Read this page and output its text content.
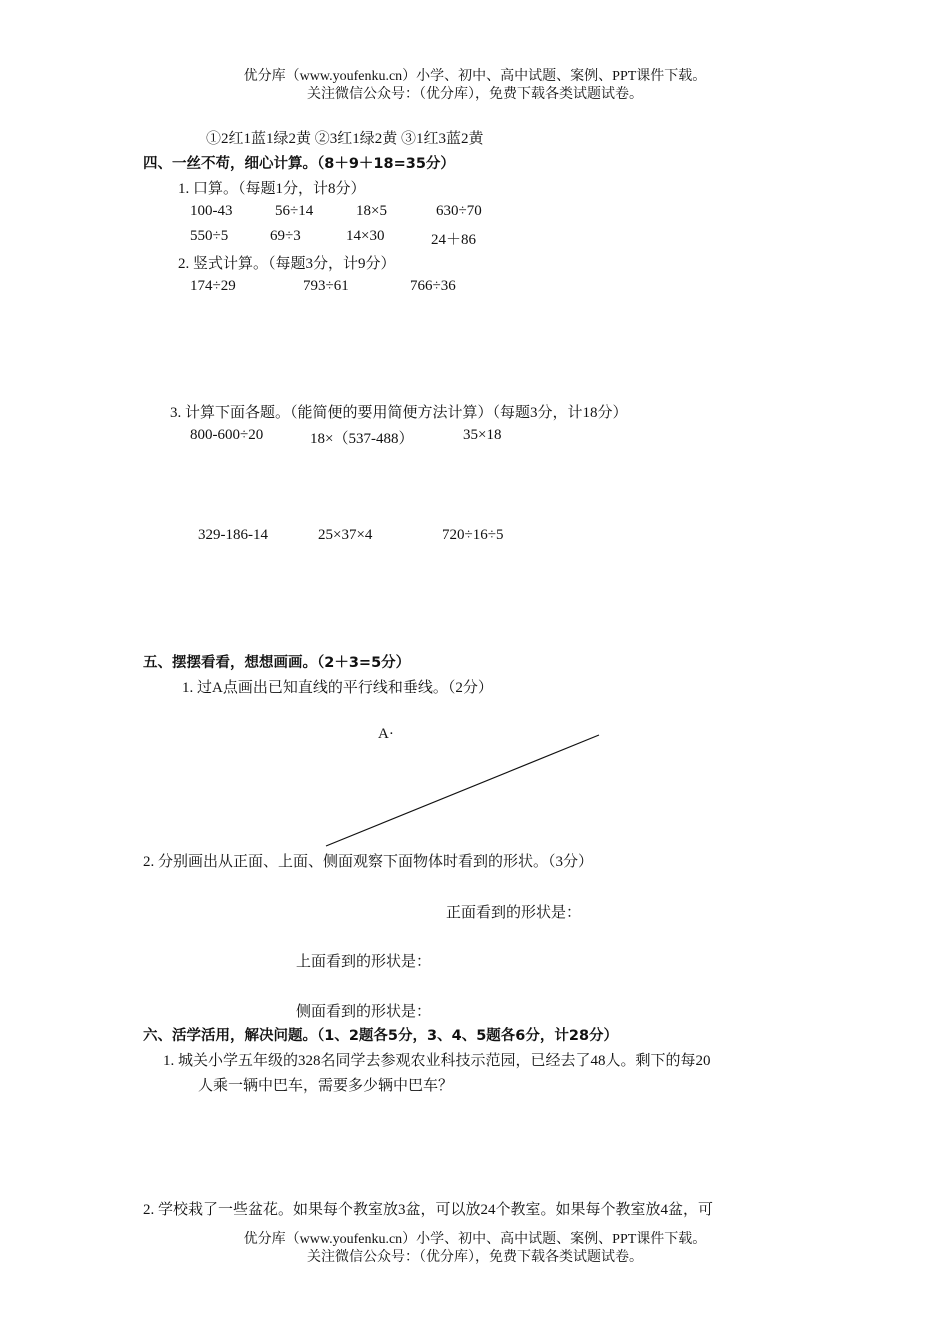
优分库（www.youfenku.cn）小学、初中、高中试题、案例、PPT课件下载。
关注微信公众号：（优分库），免费下载各类试题试卷。
①2红1蓝1绿2黄 ②3红1绿2黄 ③1红3蓝2黄
四、一丝不苟，细心计算。（8＋9＋18=35分）
1. 口算。（每题1分，计8分）
100-43	56÷14	18×5	630÷70
550÷5	69÷3	14×30	24＋86
2. 竖式计算。（每题3分，计9分）
174÷29	793÷61	766÷36
3. 计算下面各题。（能简便的要用简便方法计算）（每题3分，计18分）
800-600÷20	18×（537-488）	35×18
329-186-14	25×37×4	720÷16÷5
五、摆摆看看，想想画画。（2＋3=5分）
1. 过A点画出已知直线的平行线和垂线。（2分）
A·
2. 分别画出从正面、上面、侧面观察下面物体时看到的形状。（3分）
正面看到的形状是：
上面看到的形状是：
侧面看到的形状是：
六、活学活用，解决问题。（1、2题各5分，3、4、5题各6分，计28分）
1. 城关小学五年级的328名同学去参观农业科技示范园，已经去了48人。剩下的每20
人乘一辆中巴车，需要多少辆中巴车？
2. 学校栽了一些盆花。如果每个教室放3盆，可以放24个教室。如果每个教室放4盆，可
优分库（www.youfenku.cn）小学、初中、高中试题、案例、PPT课件下载。
关注微信公众号：（优分库），免费下载各类试题试卷。
